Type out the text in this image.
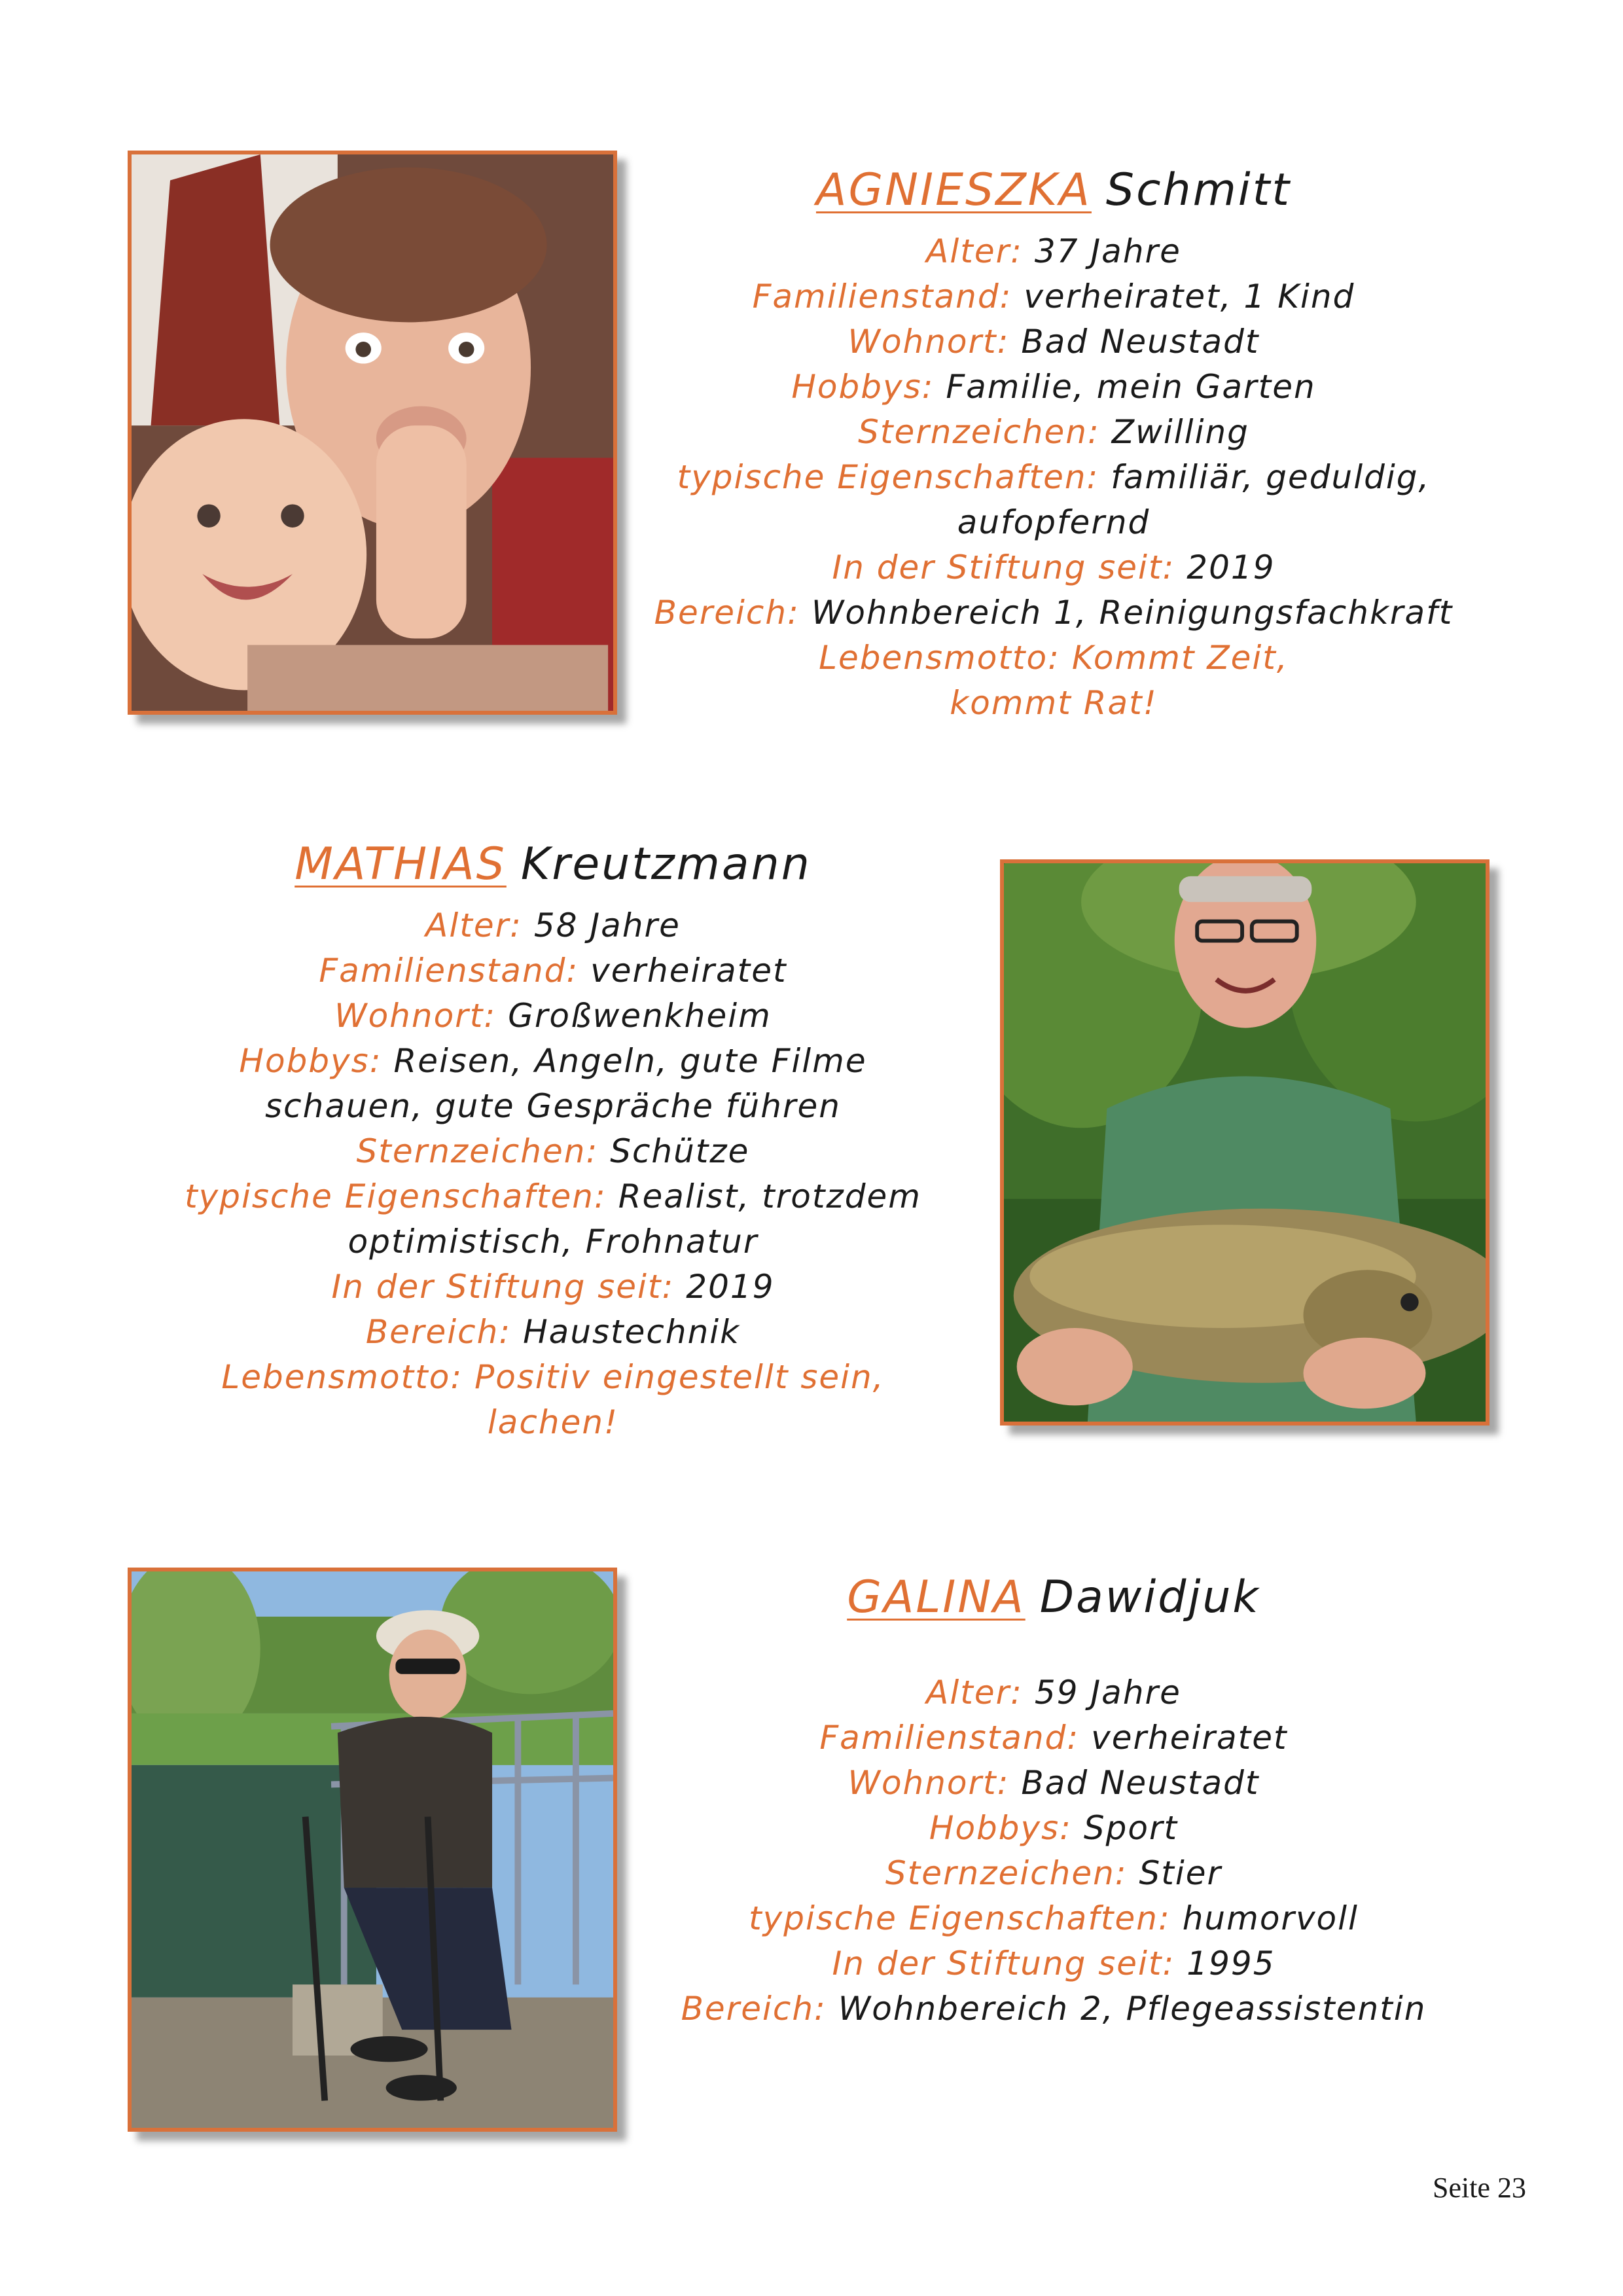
AGNIESZKA Schmitt

Alter: 37 Jahre

Familienstand: verheiratet, 1 Kind

Wohnort: Bad Neustadt

Hobbys: Familie, mein Garten

Sternzeichen: Zwilling

typische Eigenschaften: familiär, geduldig,

aufopfernd

In der Stiftung seit: 2019

Bereich: Wohnbereich 1, Reinigungsfachkraft

Lebensmotto: Kommt Zeit,

kommt Rat!

MATHIAS Kreutzmann

Alter: 58 Jahre

Familienstand: verheiratet

Wohnort: Großwenkheim

Hobbys: Reisen, Angeln, gute Filme

schauen, gute Gespräche führen

Sternzeichen: Schütze

typische Eigenschaften: Realist, trotzdem

optimistisch, Frohnatur

In der Stiftung seit: 2019

Bereich: Haustechnik

Lebensmotto: Positiv eingestellt sein,

lachen!

GALINA Dawidjuk

Alter: 59 Jahre

Familienstand: verheiratet

Wohnort: Bad Neustadt

Hobbys: Sport

Sternzeichen: Stier

typische Eigenschaften: humorvoll

In der Stiftung seit: 1995

Bereich: Wohnbereich 2, Pflegeassistentin

Seite 23
